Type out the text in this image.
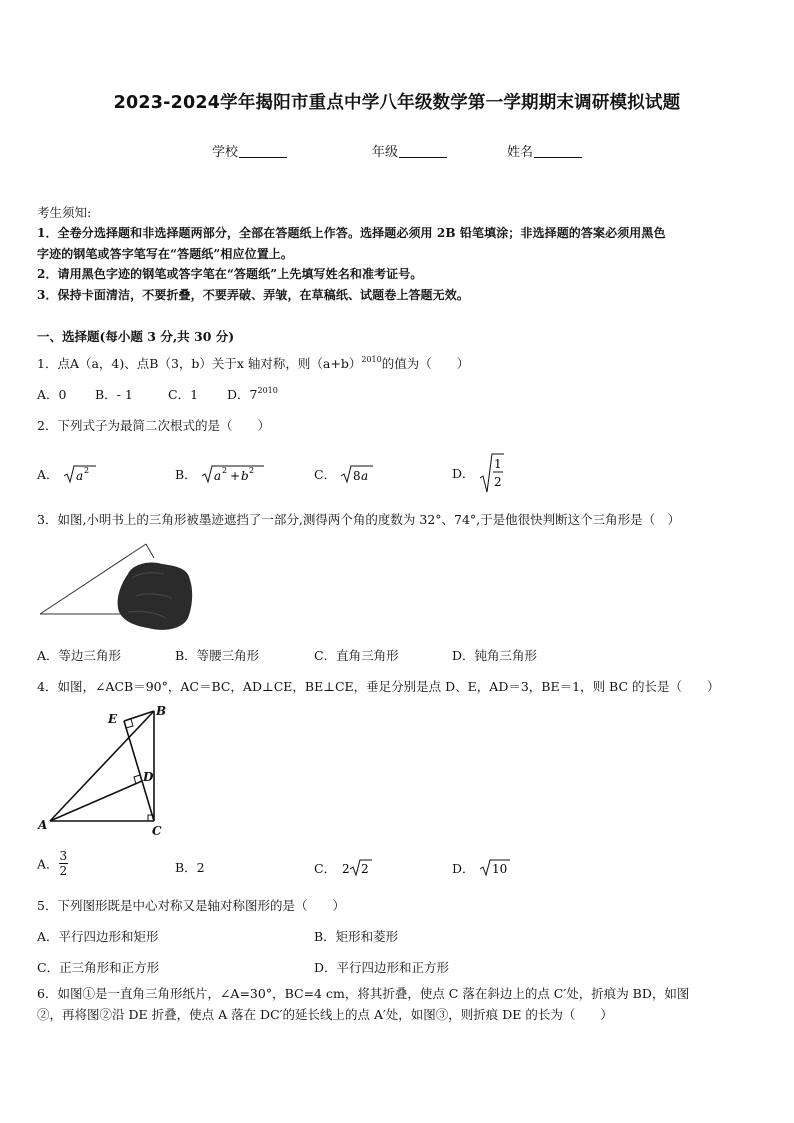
2023-2024学年揭阳市重点中学八年级数学第一学期期末调研模拟试题
学校	年级	姓名
考生须知:
1．全卷分选择题和非选择题两部分，全部在答题纸上作答。选择题必须用 2B 铅笔填涂；非选择题的答案必须用黑色
字迹的钢笔或答字笔写在“答题纸”相应位置上。
2．请用黑色字迹的钢笔或答字笔在“答题纸”上先填写姓名和准考证号。
3．保持卡面清洁，不要折叠，不要弄破、弄皱，在草稿纸、试题卷上答题无效。
一、选择题(每小题 3 分,共 30 分)
1．点A（a，4)、点B（3，b）关于x 轴对称，则$(a+b)^{2010}$的值为（　　）
A．0 B．- 1	C．1 D．$7^{2010}$
2．下列式子为最简二次根式的是（　　）
A． a 2	B． a 2 + b 2	C． 8 a	D．
1
2
3．如图,小明书上的三角形被墨迹遮挡了一部分,测得两个角的度数为 32°、74°,于是他很快判断这个三角形是（　）
A．等边三角形	B．等腰三角形	C．直角三角形	D．钝角三角形
4．如图，∠ACB＝90°，AC＝BC，AD⊥CE，BE⊥CE，垂足分别是点 D、E，AD＝3，BE＝1，则 BC 的长是（　　）
A
B
C
D
E
A． $\frac{3}{2}$	B．2	C． 2 2	D． 10
5．下列图形既是中心对称又是轴对称图形的是（　　）
A．平行四边形和矩形	B．矩形和菱形
C．正三角形和正方形	D．平行四边形和正方形
6．如图①是一直角三角形纸片，∠A=30°，BC=4 cm，将其折叠，使点 C 落在斜边上的点 C′处，折痕为 BD，如图
②，再将图②沿 DE 折叠，使点 A 落在 DC′的延长线上的点 A′处，如图③，则折痕 DE 的长为（　　）
